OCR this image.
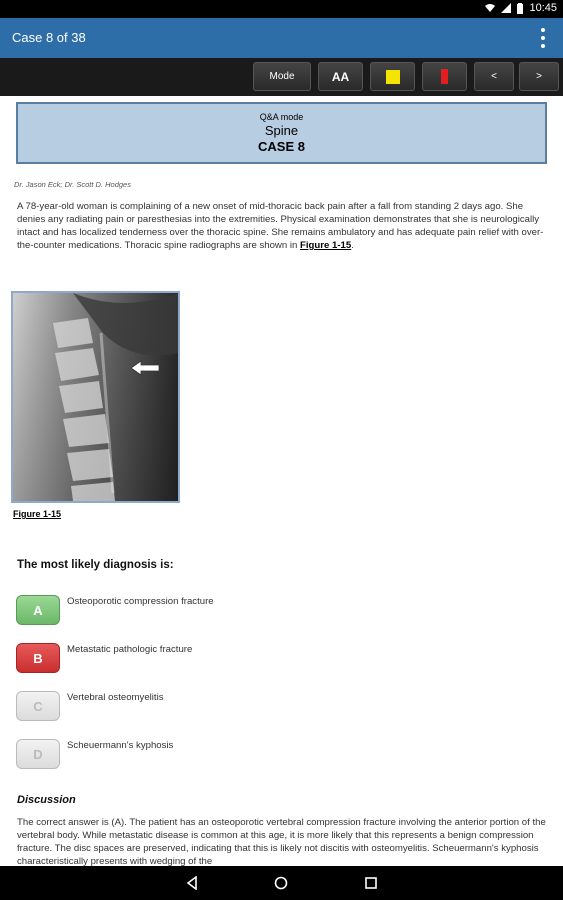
10:45
Case 8 of 38
Mode	AA	<	>
Q&A mode
Spine
CASE 8
Dr. Jason Eck; Dr. Scott D. Hodges
A 78-year-old woman is complaining of a new onset of mid-thoracic back pain after a fall from standing 2 days ago. She denies any radiating pain or paresthesias into the extremities. Physical examination demonstrates that she is neurologically intact and has localized tenderness over the thoracic spine. She remains ambulatory and has adequate pain relief with over-the-counter medications. Thoracic spine radiographs are shown in Figure 1-15.
Figure 1-15
The most likely diagnosis is:
A
Osteoporotic compression fracture
B
Metastatic pathologic fracture
C
Vertebral osteomyelitis
D
Scheuermann's kyphosis
Discussion
The correct answer is (A). The patient has an osteoporotic vertebral compression fracture involving the anterior portion of the vertebral body. While metastatic disease is common at this age, it is more likely that this represents a benign compression fracture. The disc spaces are preserved, indicating that this is likely not discitis with osteomyelitis. Scheuermann's kyphosis characteristically presents with wedging of the
